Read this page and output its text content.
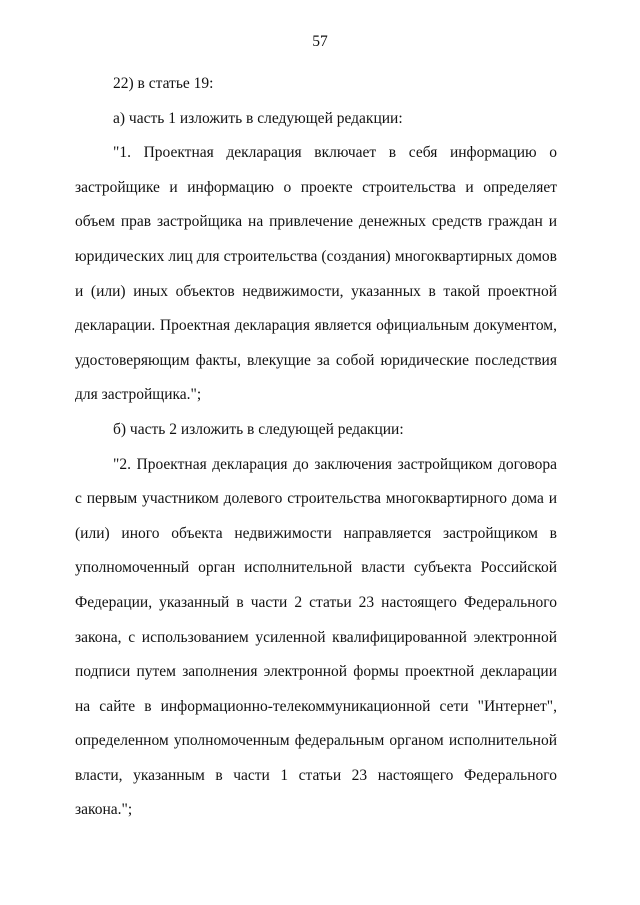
57

22) в статье 19:

а) часть 1 изложить в следующей редакции:

"1. Проектная декларация включает в себя информацию о застройщике и информацию о проекте строительства и определяет объем прав застройщика на привлечение денежных средств граждан и юридических лиц для строительства (создания) многоквартирных домов и (или) иных объектов недвижимости, указанных в такой проектной декларации. Проектная декларация является официальным документом, удостоверяющим факты, влекущие за собой юридические последствия для застройщика.";

б) часть 2 изложить в следующей редакции:

"2. Проектная декларация до заключения застройщиком договора с первым участником долевого строительства многоквартирного дома и (или) иного объекта недвижимости направляется застройщиком в уполномоченный орган исполнительной власти субъекта Российской Федерации, указанный в части 2 статьи 23 настоящего Федерального закона, с использованием усиленной квалифицированной электронной подписи путем заполнения электронной формы проектной декларации на сайте в информационно-телекоммуникационной сети "Интернет", определенном уполномоченным федеральным органом исполнительной власти, указанным в части 1 статьи 23 настоящего Федерального закона.";
